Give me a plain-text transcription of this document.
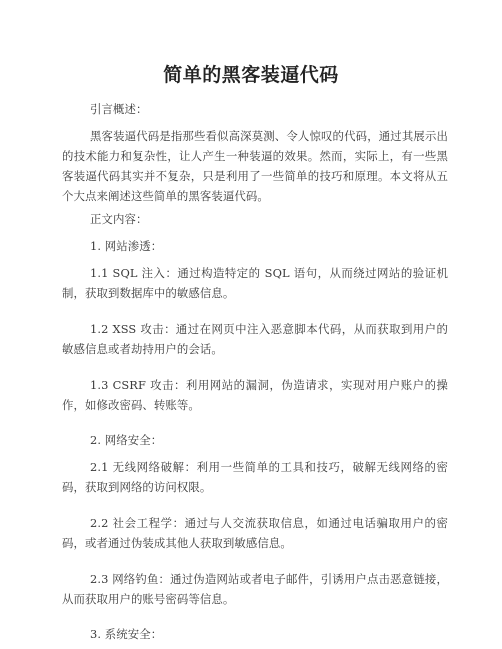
简单的黑客装逼代码

引言概述：

黑客装逼代码是指那些看似高深莫测、令人惊叹的代码，通过其展示出的技术能力和复杂性，让人产生一种装逼的效果。然而，实际上，有一些黑客装逼代码其实并不复杂，只是利用了一些简单的技巧和原理。本文将从五个大点来阐述这些简单的黑客装逼代码。

正文内容：

1. 网站渗透：

1.1 SQL 注入：通过构造特定的 SQL 语句，从而绕过网站的验证机制，获取到数据库中的敏感信息。

1.2 XSS 攻击：通过在网页中注入恶意脚本代码，从而获取到用户的敏感信息或者劫持用户的会话。

1.3 CSRF 攻击：利用网站的漏洞，伪造请求，实现对用户账户的操作，如修改密码、转账等。

2. 网络安全：

2.1 无线网络破解：利用一些简单的工具和技巧，破解无线网络的密码，获取到网络的访问权限。

2.2 社会工程学：通过与人交流获取信息，如通过电话骗取用户的密码，或者通过伪装成其他人获取到敏感信息。

2.3 网络钓鱼：通过伪造网站或者电子邮件，引诱用户点击恶意链接，从而获取用户的账号密码等信息。

3. 系统安全：
